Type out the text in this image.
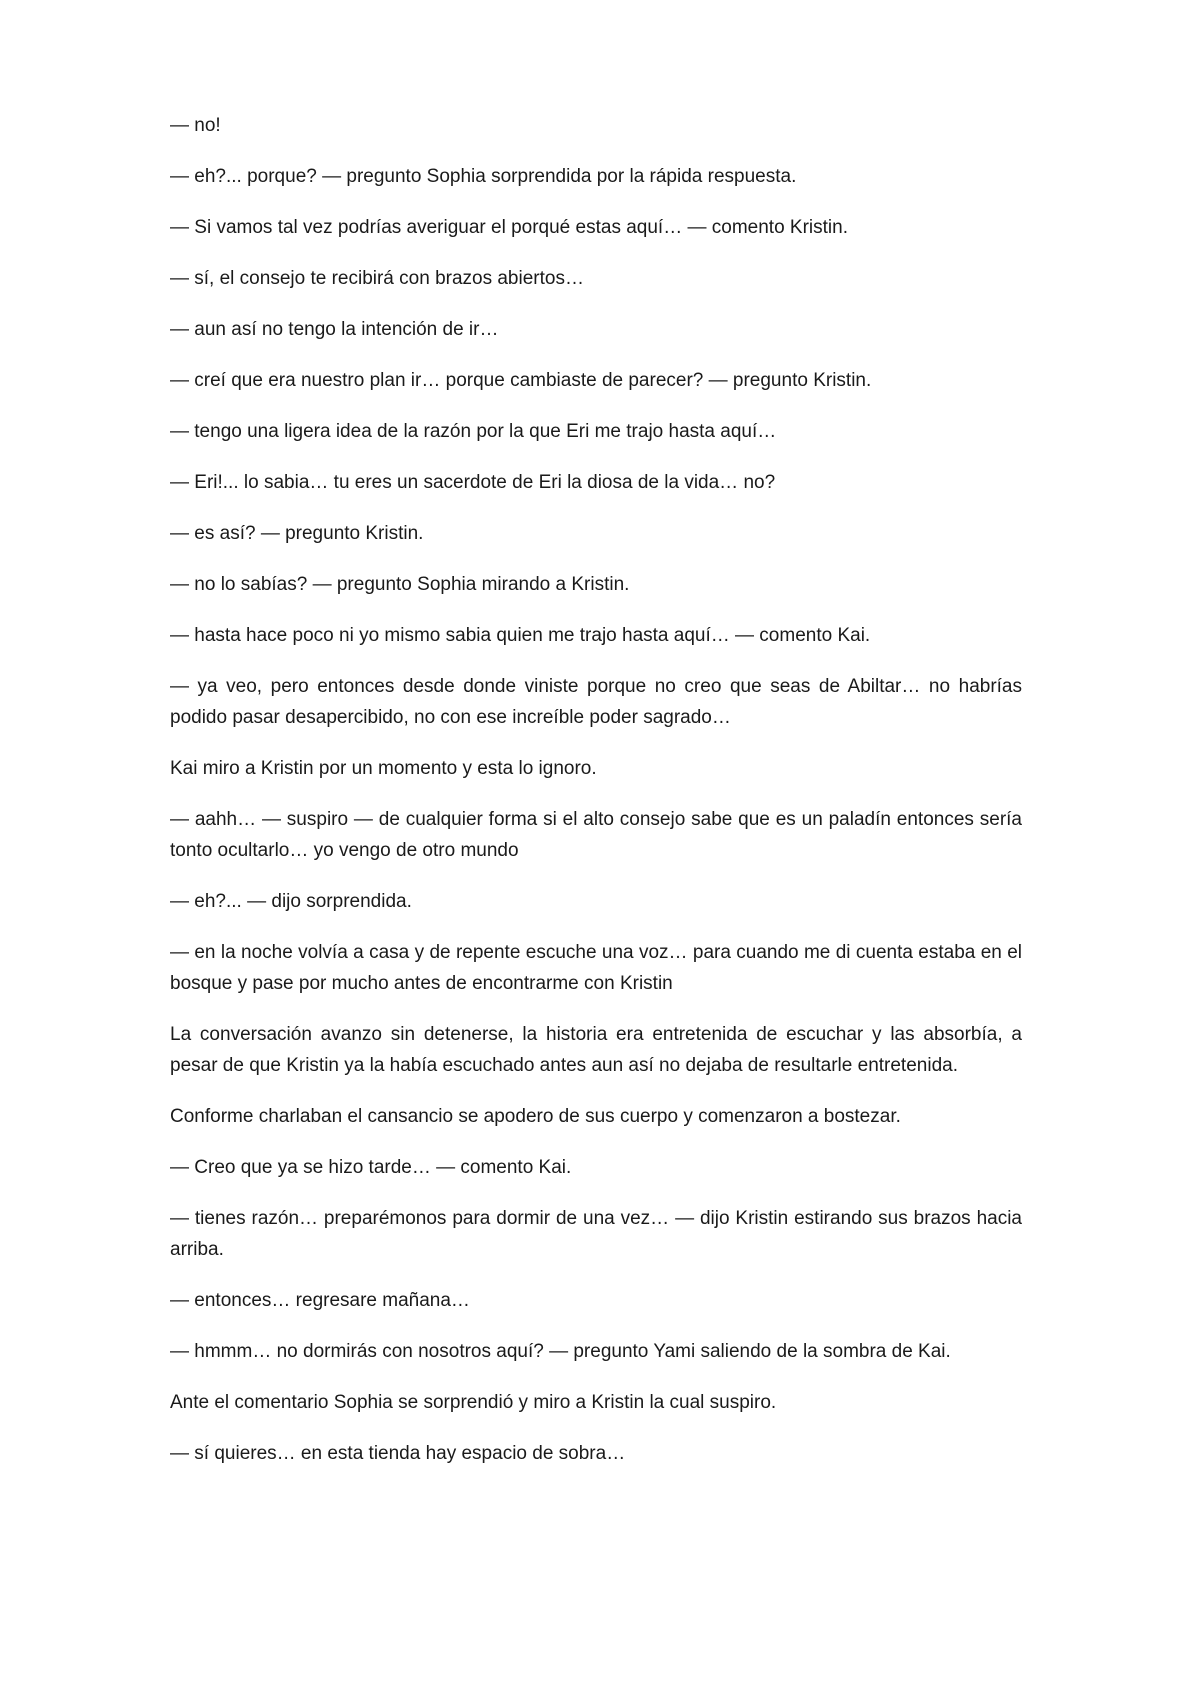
— no!

— eh?... porque? — pregunto Sophia sorprendida por la rápida respuesta.

— Si vamos tal vez podrías averiguar el porqué estas aquí… — comento Kristin.

— sí, el consejo te recibirá con brazos abiertos…

— aun así no tengo la intención de ir…

— creí que era nuestro plan ir… porque cambiaste de parecer? — pregunto Kristin.

— tengo una ligera idea de la razón por la que Eri me trajo hasta aquí…

— Eri!... lo sabia… tu eres un sacerdote de Eri la diosa de la vida… no?

— es así? — pregunto Kristin.

— no lo sabías? — pregunto Sophia mirando a Kristin.

— hasta hace poco ni yo mismo sabia quien me trajo hasta aquí… — comento Kai.

— ya veo, pero entonces desde donde viniste porque no creo que seas de Abiltar… no habrías podido pasar desapercibido, no con ese increíble poder sagrado…

Kai miro a Kristin por un momento y esta lo ignoro.

— aahh… — suspiro — de cualquier forma si el alto consejo sabe que es un paladín entonces sería tonto ocultarlo… yo vengo de otro mundo

— eh?... — dijo sorprendida.

— en la noche volvía a casa y de repente escuche una voz… para cuando me di cuenta estaba en el bosque y pase por mucho antes de encontrarme con Kristin

La conversación avanzo sin detenerse, la historia era entretenida de escuchar y las absorbía, a pesar de que Kristin ya la había escuchado antes aun así no dejaba de resultarle entretenida.

Conforme charlaban el cansancio se apodero de sus cuerpo y comenzaron a bostezar.

— Creo que ya se hizo tarde… — comento Kai.

— tienes razón… preparémonos para dormir de una vez… — dijo Kristin estirando sus brazos hacia arriba.

— entonces… regresare mañana…

— hmmm… no dormirás con nosotros aquí? — pregunto Yami saliendo de la sombra de Kai.

Ante el comentario Sophia se sorprendió y miro a Kristin la cual suspiro.

— sí quieres… en esta tienda hay espacio de sobra…
